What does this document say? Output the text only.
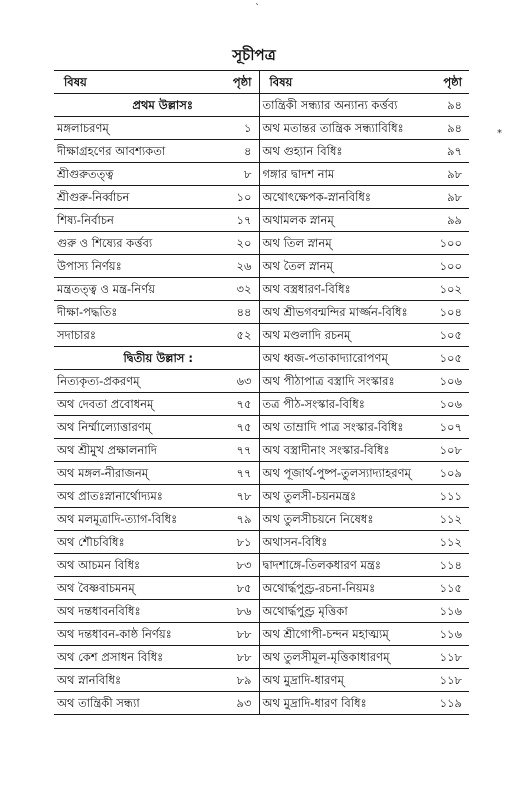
`
*
সূচীপত্র
বিষয়	পৃষ্ঠা	বিষয়	পৃষ্ঠা
প্রথম উল্লাসঃ		তান্ত্রিকী সন্ধ্যার অন্যান্য কর্ত্তব্য	৯৪
মঙ্গলাচরণম্	১	অথ মতান্তর তান্ত্রিক সন্ধ্যাবিধিঃ	৯৪
দীক্ষাগ্রহণের আবশ্যকতা	৪	অথ গুহ্যান বিধিঃ	৯৭
শ্রীগুরুতত্ত্ব	৮	গঙ্গার দ্বাদশ নাম	৯৮
শ্রীগুরু-নির্ব্বাচন	১০	অথোৎক্ষেপক-স্নানবিধিঃ	৯৮
শিষ্য-নির্বাচন	১৭	অথামলক স্নানম্	৯৯
গুরু ও শিষ্যের কর্ত্তব্য	২০	অথ তিল স্নানম্	১০০
উপাস্য নির্ণয়ঃ	২৬	অথ তৈল স্নানম্	১০০
মন্ত্রতত্ত্ব ও মন্ত্র-নির্ণয়	৩২	অথ বস্ত্রধারণ-বিধিঃ	১০২
দীক্ষা-পদ্ধতিঃ	৪৪	অথ শ্রীভগবন্মন্দির মার্জ্জন-বিধিঃ	১০৪
সদাচারঃ	৫২	অথ মণ্ডলাদি রচনম্	১০৫
দ্বিতীয় উল্লাস :		অথ ধ্বজ-পতাকাদ্যারোপণম্	১০৫
নিত্যকৃত্য-প্রকরণম্	৬৩	অথ পীঠাপাত্র বস্ত্রাদি সংস্কারঃ	১০৬
অথ দেবতা প্রবোধনম্	৭৫	তত্র পীঠ-সংস্কার-বিধিঃ	১০৬
অথ নির্ম্মাল্যোত্তারণম্	৭৫	অথ তাম্রাদি পাত্র সংস্কার-বিধিঃ	১০৭
অথ শ্রীমুখ প্রক্ষালনাদি	৭৭	অথ বস্ত্রাদীনাং সংস্কার-বিধিঃ	১০৮
অথ মঙ্গল-নীরাজনম্	৭৭	অথ পূজার্থ-পুষ্প-তুলস্যাদ্যাহরণম্	১০৯
অথ প্রাতঃস্নানার্থোদ্যমঃ	৭৮	অথ তুলসী-চয়নমন্ত্রঃ	১১১
অথ মলমূত্রাদি-ত্যাগ-বিধিঃ	৭৯	অথ তুলসীচয়নে নিষেধঃ	১১২
অথ শৌচবিধিঃ	৮১	অথাসন-বিধিঃ	১১২
অথ আচমন বিধিঃ	৮৩	দ্বাদশাঙ্গে-তিলকধারণ মন্ত্রঃ	১১৪
অথ বৈষ্ণবাচমনম্	৮৫	অথোর্দ্ধপুণ্ড্র-রচনা-নিয়মঃ	১১৫
অথ দন্তধাবনবিধিঃ	৮৬	অথোর্দ্ধপুণ্ড্র মৃত্তিকা	১১৬
অথ দন্তধাবন-কাষ্ঠ নির্ণয়ঃ	৮৮	অথ শ্রীগোপী-চন্দন মহাত্ম্যম্	১১৬
অথ কেশ প্রসাধন বিধিঃ	৮৮	অথ তুলসীমূল-মৃত্তিকাধারণম্	১১৮
অথ স্নানবিধিঃ	৮৯	অথ মুদ্রাদি-ধারণম্	১১৮
অথ তান্ত্রিকী সন্ধ্যা	৯৩	অথ মুদ্রাদি-ধারণ বিধিঃ	১১৯
